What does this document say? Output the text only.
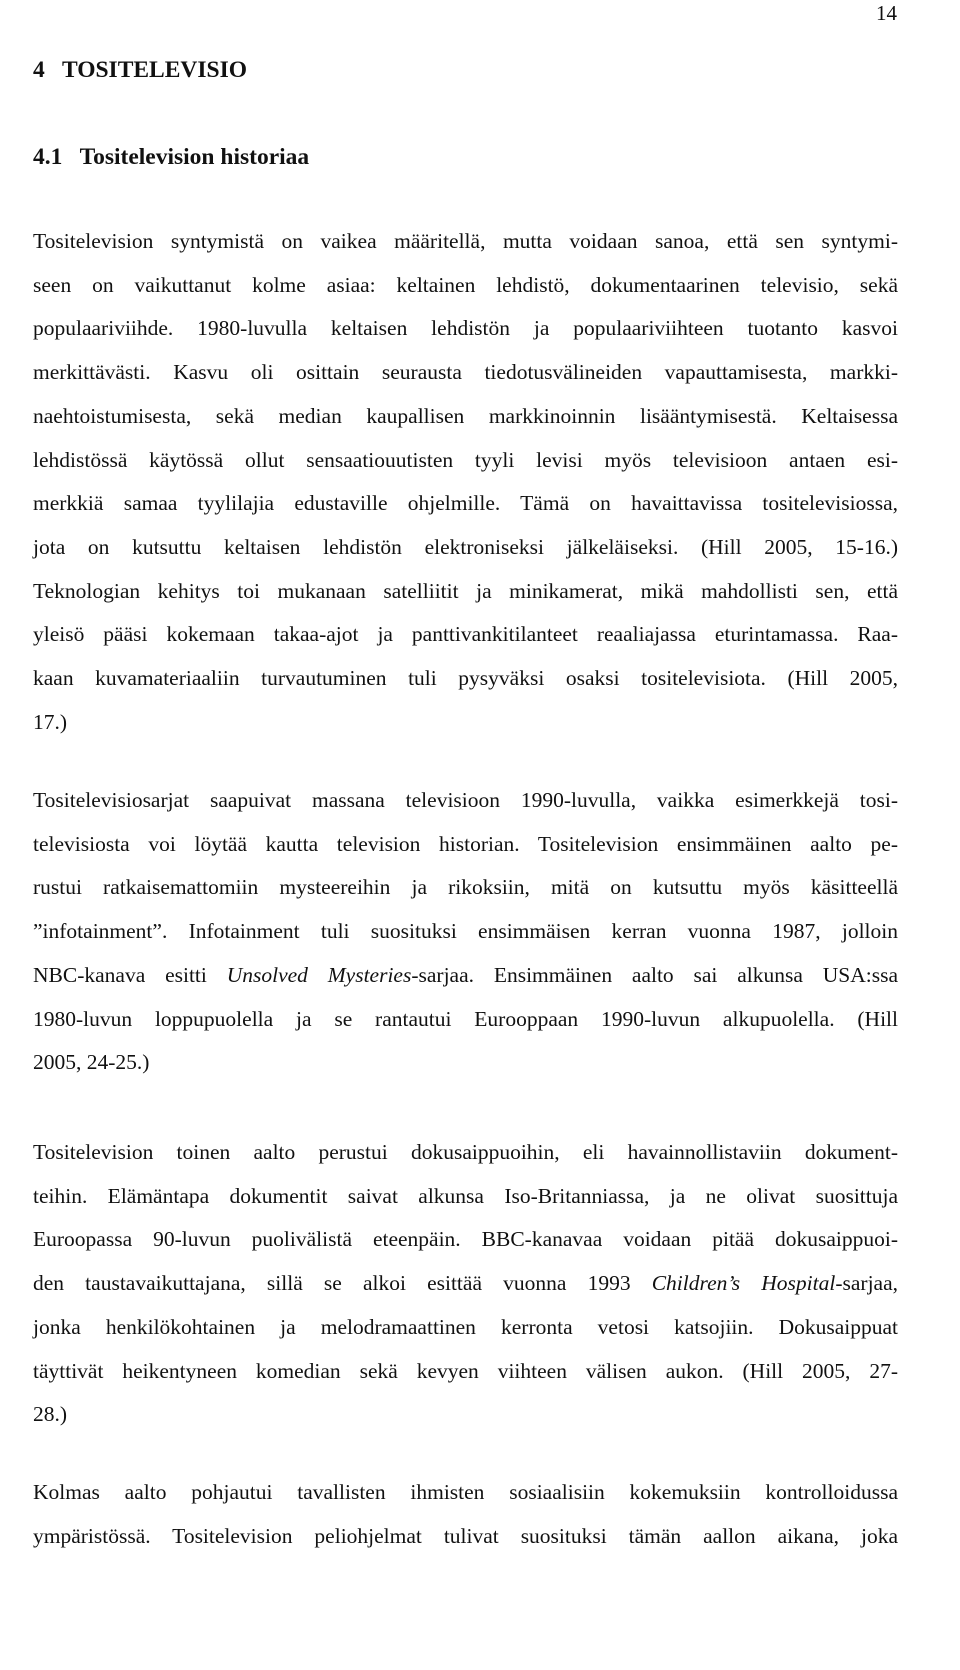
14
4   TOSITELEVISIO
4.1   Tositelevision historiaa
Tositelevision syntymistä on vaikea määritellä, mutta voidaan sanoa, että sen syntymi-
seen on vaikuttanut kolme asiaa: keltainen lehdistö, dokumentaarinen televisio, sekä
populaariviihde. 1980-luvulla keltaisen lehdistön ja populaariviihteen tuotanto kasvoi
merkittävästi. Kasvu oli osittain seurausta tiedotusvälineiden vapauttamisesta, markki-
naehtoistumisesta, sekä median kaupallisen markkinoinnin lisääntymisestä. Keltaisessa
lehdistössä käytössä ollut sensaatiouutisten tyyli levisi myös televisioon antaen esi-
merkkiä samaa tyylilajia edustaville ohjelmille. Tämä on havaittavissa tositelevisiossa,
jota on kutsuttu keltaisen lehdistön elektroniseksi jälkeläiseksi. (Hill 2005, 15-16.)
Teknologian kehitys toi mukanaan satelliitit ja minikamerat, mikä mahdollisti sen, että
yleisö pääsi kokemaan takaa-ajot ja panttivankitilanteet reaaliajassa eturintamassa. Raa-
kaan kuvamateriaaliin turvautuminen tuli pysyväksi osaksi tositelevisiota. (Hill 2005,
17.)
Tositelevisiosarjat saapuivat massana televisioon 1990-luvulla, vaikka esimerkkejä tosi-
televisiosta voi löytää kautta television historian. Tositelevision ensimmäinen aalto pe-
rustui ratkaisemattomiin mysteereihin ja rikoksiin, mitä on kutsuttu myös käsitteellä
”infotainment”. Infotainment tuli suosituksi ensimmäisen kerran vuonna 1987, jolloin
NBC-kanava esitti Unsolved Mysteries-sarjaa. Ensimmäinen aalto sai alkunsa USA:ssa
1980-luvun loppupuolella ja se rantautui Eurooppaan 1990-luvun alkupuolella. (Hill
2005, 24-25.)
Tositelevision toinen aalto perustui dokusaippuoihin, eli havainnollistaviin dokument-
teihin. Elämäntapa dokumentit saivat alkunsa Iso-Britanniassa, ja ne olivat suosittuja
Euroopassa 90-luvun puolivälistä eteenpäin. BBC-kanavaa voidaan pitää dokusaippuoi-
den taustavaikuttajana, sillä se alkoi esittää vuonna 1993 Children’s Hospital-sarjaa,
jonka henkilökohtainen ja melodramaattinen kerronta vetosi katsojiin. Dokusaippuat
täyttivät heikentyneen komedian sekä kevyen viihteen välisen aukon. (Hill 2005, 27-
28.)
Kolmas aalto pohjautui tavallisten ihmisten sosiaalisiin kokemuksiin kontrolloidussa
ympäristössä. Tositelevision peliohjelmat tulivat suosituksi tämän aallon aikana, joka
